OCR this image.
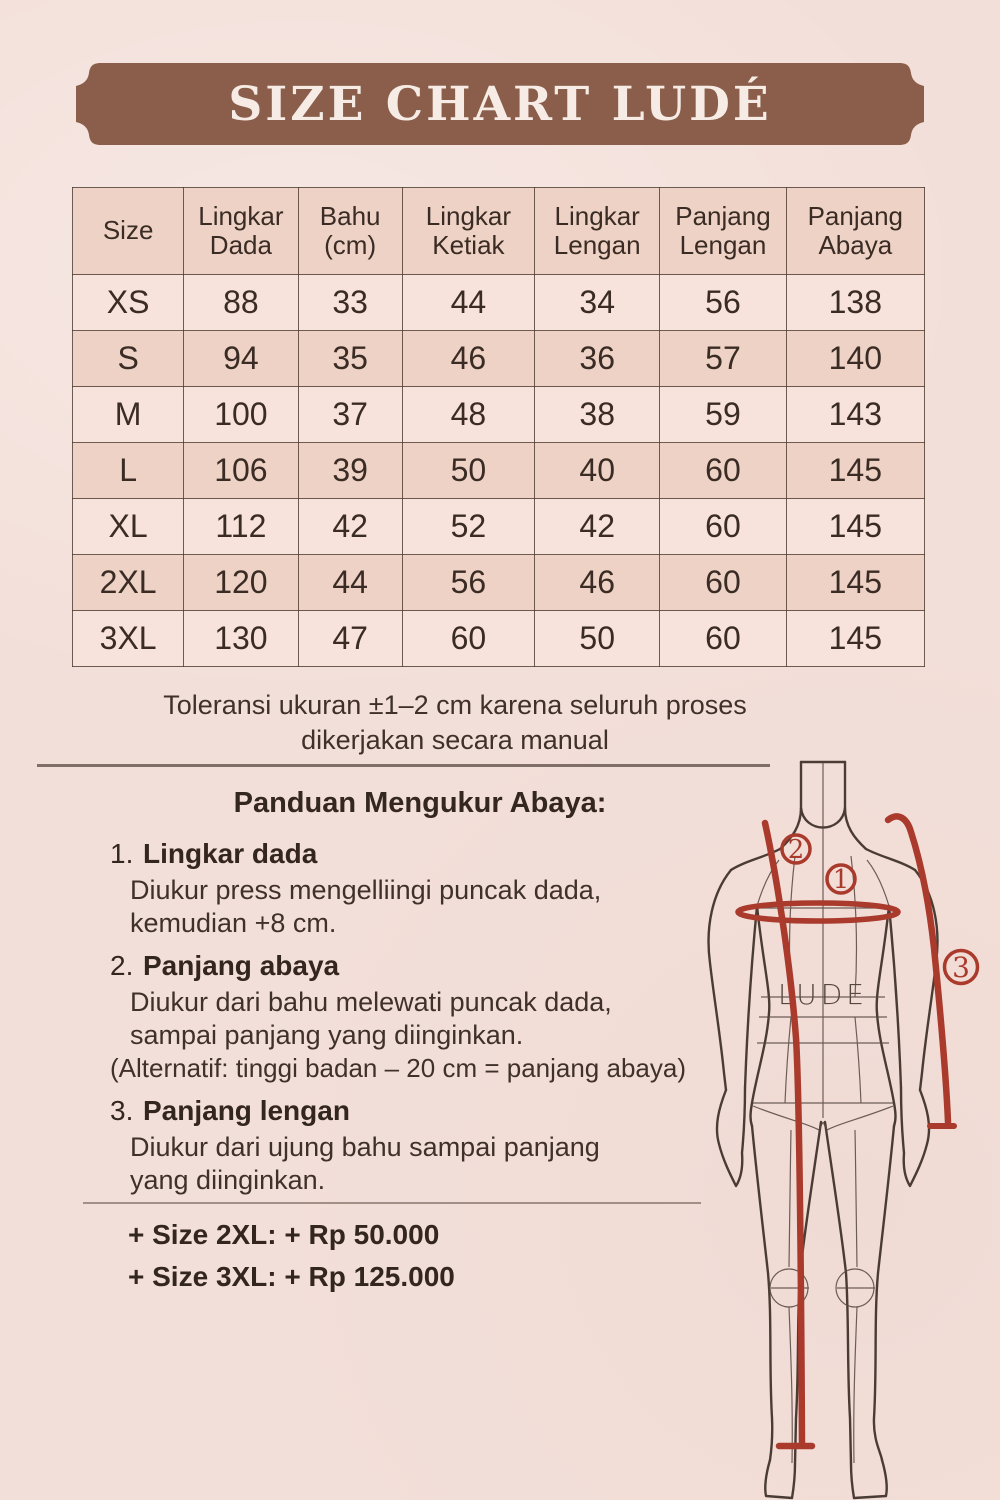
SIZE CHART LUDÉ
Size	Lingkar Dada	Bahu (cm)	Lingkar Ketiak	Lingkar Lengan	Panjang Lengan	Panjang Abaya
XS	88	33	44	34	56	138
S	94	35	46	36	57	140
M	100	37	48	38	59	143
L	106	39	50	40	60	145
XL	112	42	52	42	60	145
2XL	120	44	56	46	60	145
3XL	130	47	60	50	60	145
Toleransi ukuran ±1–2 cm karena seluruh proses
dikerjakan secara manual
Panduan Mengukur Abaya:
1. Lingkar dada
Diukur press mengelliingi puncak dada,
kemudian +8 cm.
2. Panjang abaya
Diukur dari bahu melewati puncak dada,
sampai panjang yang diinginkan.
(Alternatif: tinggi badan – 20 cm = panjang abaya)
3. Panjang lengan
Diukur dari ujung bahu sampai panjang
yang diinginkan.
+ Size 2XL: + Rp 50.000
+ Size 3XL: + Rp 125.000
LUDE
1
2
3
